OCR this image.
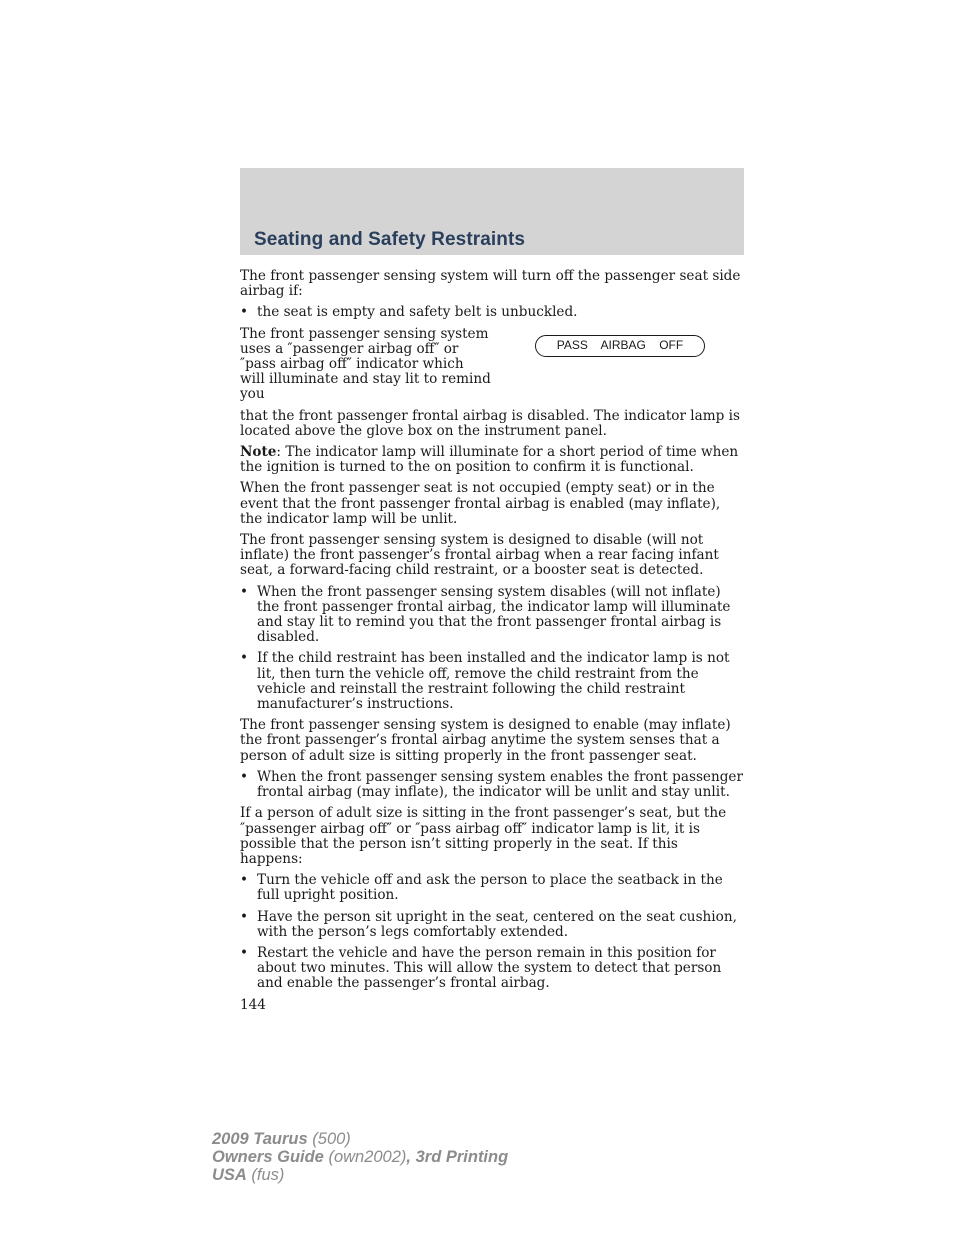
Seating and Safety Restraints

The front passenger sensing system will turn off the passenger seat side airbag if:

• the seat is empty and safety belt is unbuckled.

The front passenger sensing system uses a ″passenger airbag off″ or ″pass airbag off″ indicator which will illuminate and stay lit to remind you

PASS AIRBAG OFF

that the front passenger frontal airbag is disabled. The indicator lamp is located above the glove box on the instrument panel.

Note: The indicator lamp will illuminate for a short period of time when the ignition is turned to the on position to confirm it is functional.

When the front passenger seat is not occupied (empty seat) or in the event that the front passenger frontal airbag is enabled (may inflate), the indicator lamp will be unlit.

The front passenger sensing system is designed to disable (will not inflate) the front passenger’s frontal airbag when a rear facing infant seat, a forward-facing child restraint, or a booster seat is detected.

• When the front passenger sensing system disables (will not inflate) the front passenger frontal airbag, the indicator lamp will illuminate and stay lit to remind you that the front passenger frontal airbag is disabled.
• If the child restraint has been installed and the indicator lamp is not lit, then turn the vehicle off, remove the child restraint from the vehicle and reinstall the restraint following the child restraint manufacturer’s instructions.

The front passenger sensing system is designed to enable (may inflate) the front passenger’s frontal airbag anytime the system senses that a person of adult size is sitting properly in the front passenger seat.

• When the front passenger sensing system enables the front passenger frontal airbag (may inflate), the indicator will be unlit and stay unlit.

If a person of adult size is sitting in the front passenger’s seat, but the ″passenger airbag off″ or ″pass airbag off″ indicator lamp is lit, it is possible that the person isn’t sitting properly in the seat. If this happens:

• Turn the vehicle off and ask the person to place the seatback in the full upright position.
• Have the person sit upright in the seat, centered on the seat cushion, with the person’s legs comfortably extended.
• Restart the vehicle and have the person remain in this position for about two minutes. This will allow the system to detect that person and enable the passenger’s frontal airbag.
144
2009 Taurus (500)
Owners Guide (own2002), 3rd Printing
USA (fus)
